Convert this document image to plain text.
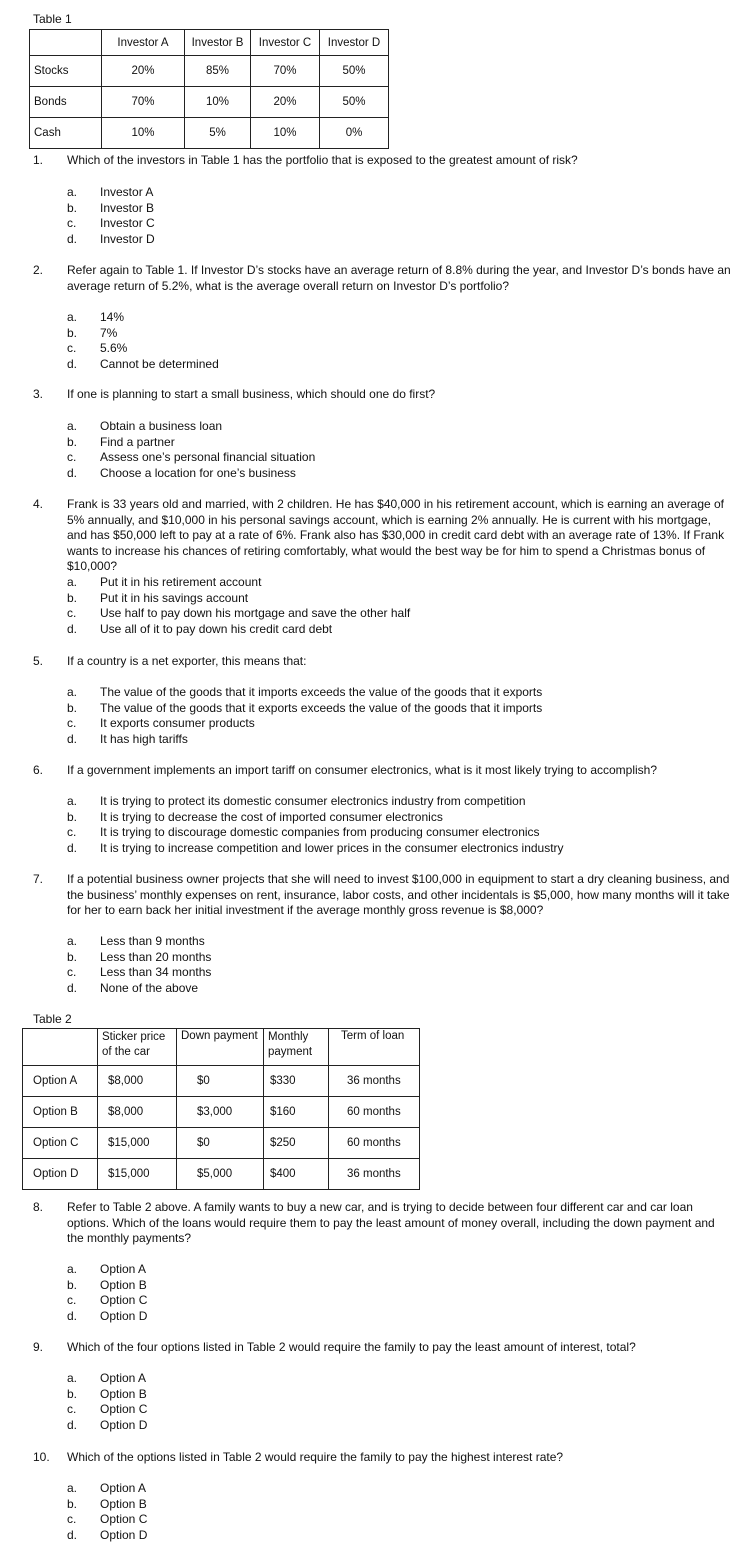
Table 1
	Investor A	Investor B	Investor C	Investor D
Stocks	20%	85%	70%	50%
Bonds	70%	10%	20%	50%
Cash	10%	5%	10%	0%
1. Which of the investors in Table 1 has the portfolio that is exposed to the greatest amount of risk?
a. Investor A
b. Investor B
c. Investor C
d. Investor D
2. Refer again to Table 1. If Investor D’s stocks have an average return of 8.8% during the year, and Investor D’s bonds have an average return of 5.2%, what is the average overall return on Investor D’s portfolio?
a. 14%
b. 7%
c. 5.6%
d. Cannot be determined
3. If one is planning to start a small business, which should one do first?
a. Obtain a business loan
b. Find a partner
c. Assess one’s personal financial situation
d. Choose a location for one’s business
4. Frank is 33 years old and married, with 2 children. He has $40,000 in his retirement account, which is earning an average of 5% annually, and $10,000 in his personal savings account, which is earning 2% annually. He is current with his mortgage, and has $50,000 left to pay at a rate of 6%. Frank also has $30,000 in credit card debt with an average rate of 13%. If Frank wants to increase his chances of retiring comfortably, what would the best way be for him to spend a Christmas bonus of $10,000?
a. Put it in his retirement account
b. Put it in his savings account
c. Use half to pay down his mortgage and save the other half
d. Use all of it to pay down his credit card debt
5. If a country is a net exporter, this means that:
a. The value of the goods that it imports exceeds the value of the goods that it exports
b. The value of the goods that it exports exceeds the value of the goods that it imports
c. It exports consumer products
d. It has high tariffs
6. If a government implements an import tariff on consumer electronics, what is it most likely trying to accomplish?
a. It is trying to protect its domestic consumer electronics industry from competition
b. It is trying to decrease the cost of imported consumer electronics
c. It is trying to discourage domestic companies from producing consumer electronics
d. It is trying to increase competition and lower prices in the consumer electronics industry
7. If a potential business owner projects that she will need to invest $100,000 in equipment to start a dry cleaning business, and the business’ monthly expenses on rent, insurance, labor costs, and other incidentals is $5,000, how many months will it take for her to earn back her initial investment if the average monthly gross revenue is $8,000?
a. Less than 9 months
b. Less than 20 months
c. Less than 34 months
d. None of the above
Table 2
	Sticker price of the car	Down payment	Monthly payment	Term of loan
Option A	$8,000	$0	$330	36 months
Option B	$8,000	$3,000	$160	60 months
Option C	$15,000	$0	$250	60 months
Option D	$15,000	$5,000	$400	36 months
8. Refer to Table 2 above. A family wants to buy a new car, and is trying to decide between four different car and car loan options. Which of the loans would require them to pay the least amount of money overall, including the down payment and the monthly payments?
a. Option A
b. Option B
c. Option C
d. Option D
9. Which of the four options listed in Table 2 would require the family to pay the least amount of interest, total?
a. Option A
b. Option B
c. Option C
d. Option D
10. Which of the options listed in Table 2 would require the family to pay the highest interest rate?
a. Option A
b. Option B
c. Option C
d. Option D
